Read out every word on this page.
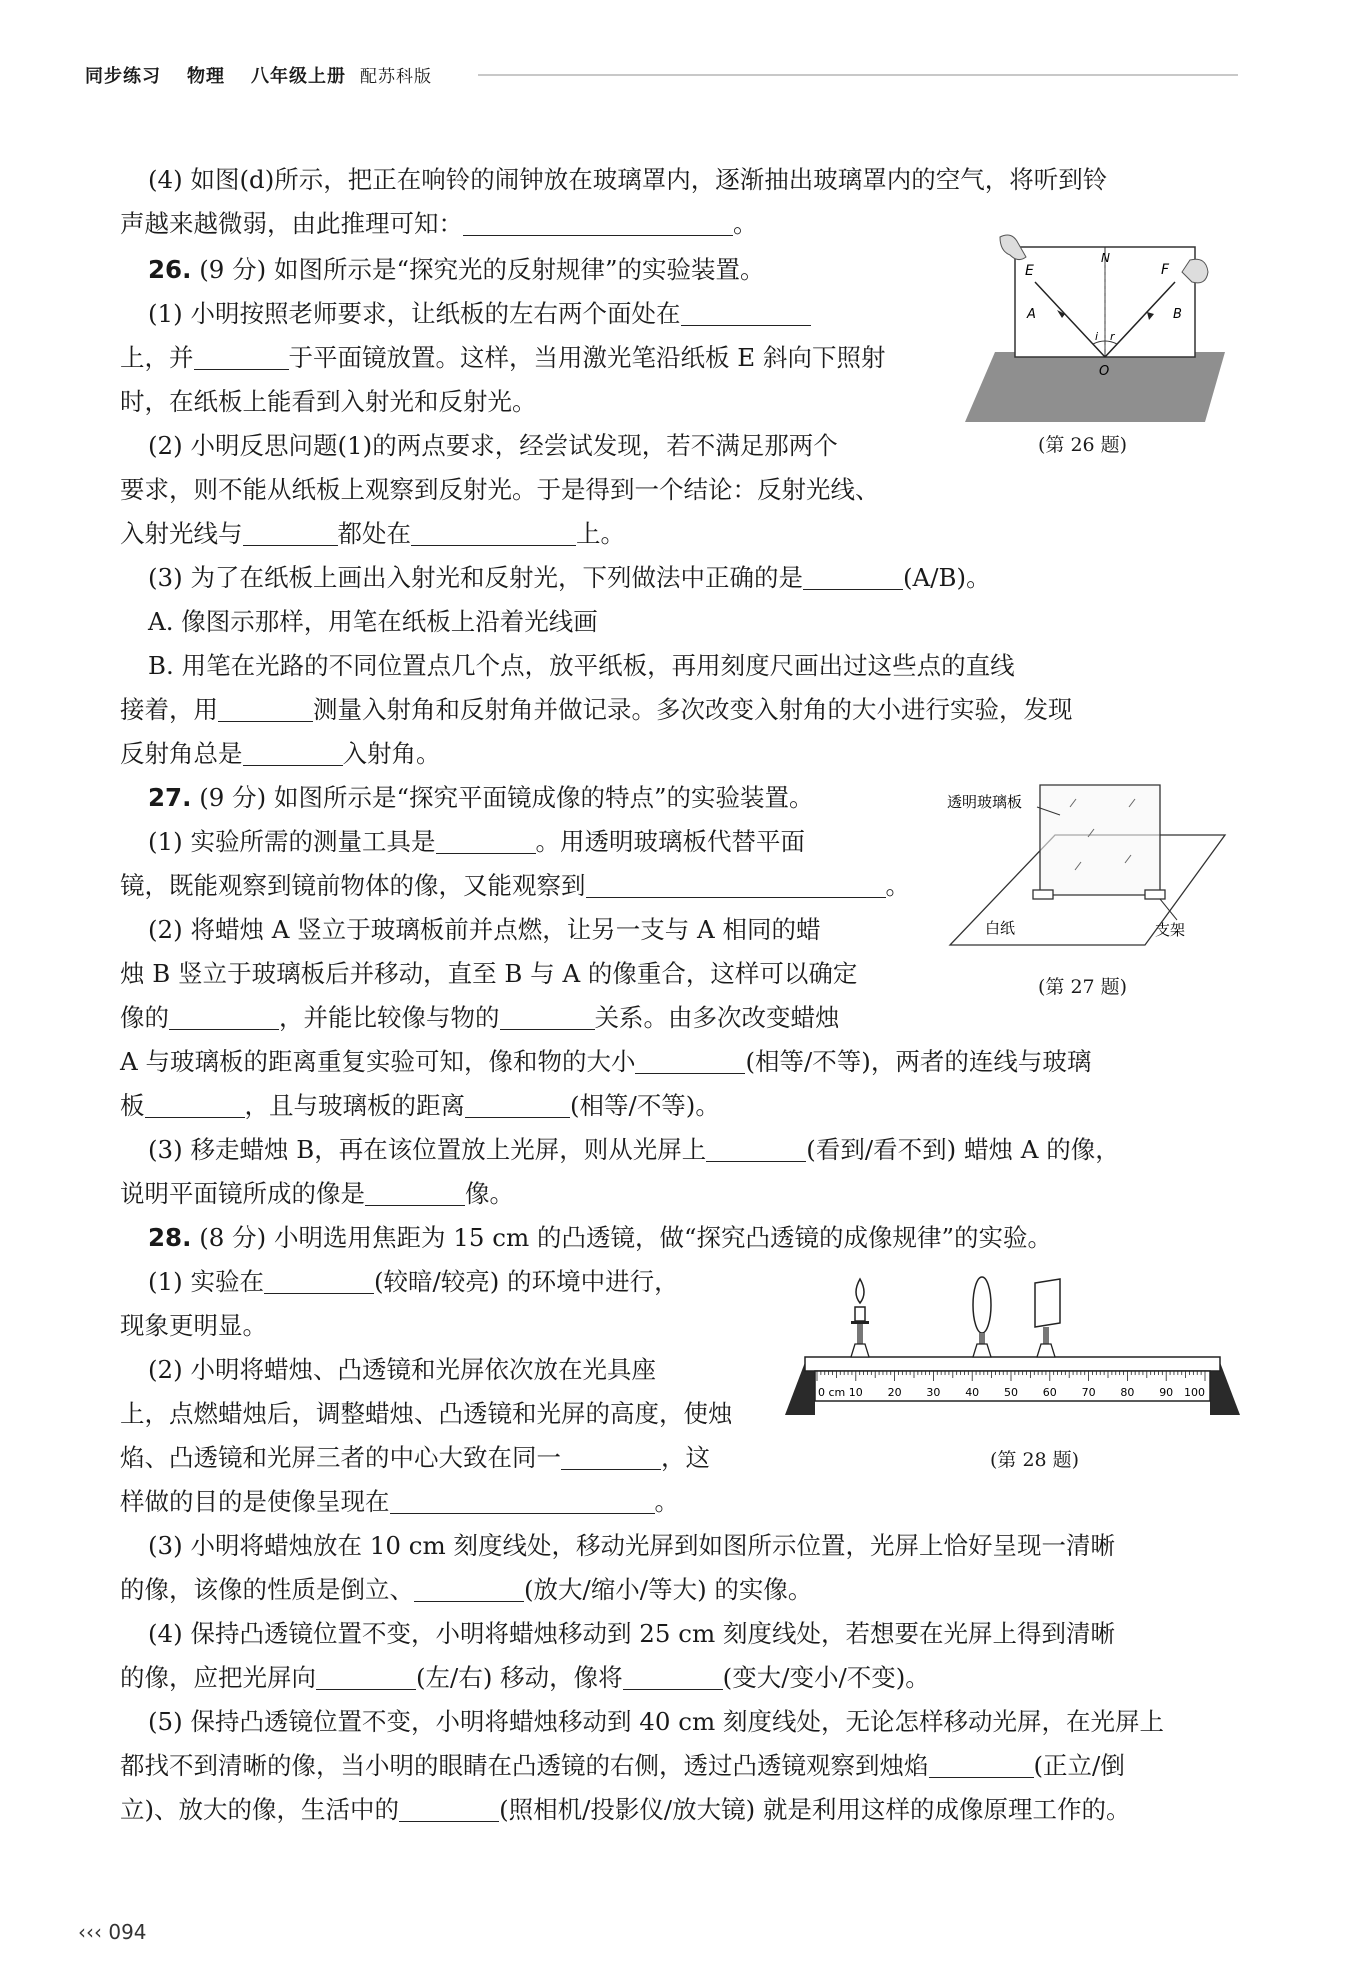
同步练习 物理 八年级上册 配苏科版
(4) 如图(d)所示，把正在响铃的闹钟放在玻璃罩内，逐渐抽出玻璃罩内的空气，将听到铃
声越来越微弱，由此推理可知：	。
26. (9 分) 如图所示是“探究光的反射规律”的实验装置。
(1) 小明按照老师要求，让纸板的左右两个面处在
上，并	于平面镜放置。这样，当用激光笔沿纸板 E 斜向下照射
时，在纸板上能看到入射光和反射光。
(2) 小明反思问题(1)的两点要求，经尝试发现，若不满足那两个
要求，则不能从纸板上观察到反射光。于是得到一个结论：反射光线、
入射光线与	都处在	上。
(3) 为了在纸板上画出入射光和反射光，下列做法中正确的是	(A/B)。
A. 像图示那样，用笔在纸板上沿着光线画
B. 用笔在光路的不同位置点几个点，放平纸板，再用刻度尺画出过这些点的直线
接着，用	测量入射角和反射角并做记录。多次改变入射角的大小进行实验，发现
反射角总是	入射角。
27. (9 分) 如图所示是“探究平面镜成像的特点”的实验装置。
(1) 实验所需的测量工具是	。用透明玻璃板代替平面
镜，既能观察到镜前物体的像，又能观察到	。
(2) 将蜡烛 A 竖立于玻璃板前并点燃，让另一支与 A 相同的蜡
烛 B 竖立于玻璃板后并移动，直至 B 与 A 的像重合，这样可以确定
像的	，并能比较像与物的	关系。由多次改变蜡烛
A 与玻璃板的距离重复实验可知，像和物的大小	(相等/不等)，两者的连线与玻璃
板	，且与玻璃板的距离	(相等/不等)。
(3) 移走蜡烛 B，再在该位置放上光屏，则从光屏上	(看到/看不到) 蜡烛 A 的像，
说明平面镜所成的像是	像。
28. (8 分) 小明选用焦距为 15 cm 的凸透镜，做“探究凸透镜的成像规律”的实验。
(1) 实验在	(较暗/较亮) 的环境中进行，
现象更明显。
(2) 小明将蜡烛、凸透镜和光屏依次放在光具座
上，点燃蜡烛后，调整蜡烛、凸透镜和光屏的高度，使烛
焰、凸透镜和光屏三者的中心大致在同一	，这
样做的目的是使像呈现在	。
(3) 小明将蜡烛放在 10 cm 刻度线处，移动光屏到如图所示位置，光屏上恰好呈现一清晰
的像，该像的性质是倒立、	(放大/缩小/等大) 的实像。
(4) 保持凸透镜位置不变，小明将蜡烛移动到 25 cm 刻度线处，若想要在光屏上得到清晰
的像，应把光屏向	(左/右) 移动，像将	(变大/变小/不变)。
(5) 保持凸透镜位置不变，小明将蜡烛移动到 40 cm 刻度线处，无论怎样移动光屏，在光屏上
都找不到清晰的像，当小明的眼睛在凸透镜的右侧，透过凸透镜观察到烛焰	(正立/倒
立)、放大的像，生活中的	(照相机/投影仪/放大镜) 就是利用这样的成像原理工作的。
E	F
N
A	B
O
i r
(第 26 题)
透明玻璃板
白纸	支架
(第 27 题)
0 cm 10 20 30 40 50 60 70 80 90 100
(第 28 题)
‹‹‹ 094
